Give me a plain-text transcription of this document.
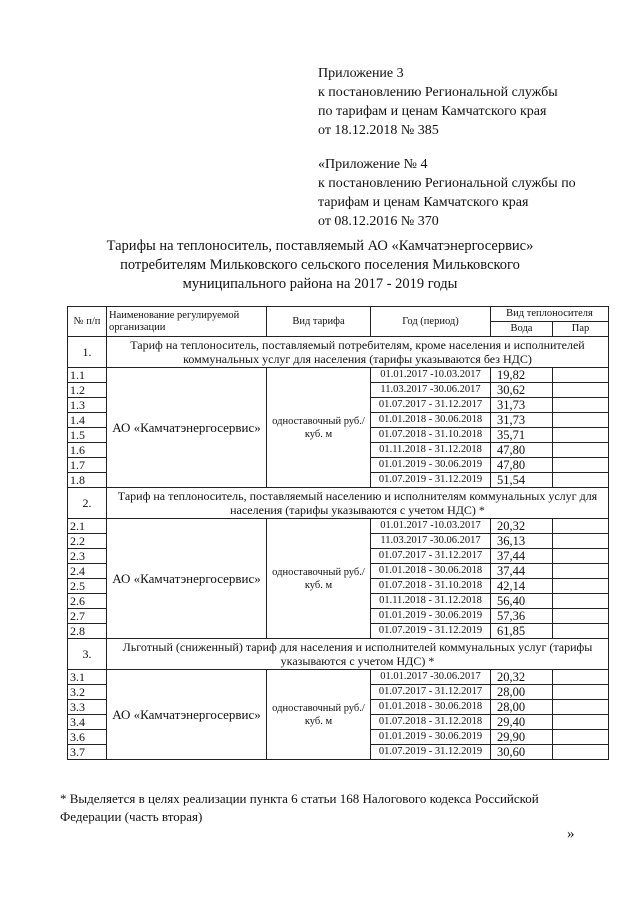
Приложение 3
к постановлению Региональной службы
по тарифам и ценам Камчатского края
от 18.12.2018 № 385
«Приложение № 4
к постановлению Региональной службы по
тарифам и ценам Камчатского края
от 08.12.2016 № 370
Тарифы на теплоноситель, поставляемый АО «Камчатэнергосервис»
потребителям Мильковского сельского поселения Мильковского
муниципального района на 2017 - 2019 годы
№ п/п	Наименование регулируемой организации	Вид тарифа	Год (период)	Вид теплоносителя	
				Вода	Пар
1.	Тариф на теплоноситель, поставляемый потребителям, кроме населения и исполнителей коммунальных услуг для населения (тарифы указываются без НДС)				
1.1	АО «Камчатэнергосервис»	одноставочный руб./куб. м	01.01.2017 -10.03.2017	19,82	
1.2			11.03.2017 -30.06.2017	30,62	
1.3			01.07.2017 - 31.12.2017	31,73	
1.4			01.01.2018 - 30.06.2018	31,73	
1.5			01.07.2018 - 31.10.2018	35,71	
1.6			01.11.2018 - 31.12.2018	47,80	
1.7			01.01.2019 - 30.06.2019	47,80	
1.8			01.07.2019 - 31.12.2019	51,54	
2.	Тариф на теплоноситель, поставляемый населению и исполнителям коммунальных услуг для населения (тарифы указываются с учетом НДС) *				
2.1	АО «Камчатэнергосервис»	одноставочный руб./куб. м	01.01.2017 -10.03.2017	20,32	
2.2			11.03.2017 -30.06.2017	36,13	
2.3			01.07.2017 - 31.12.2017	37,44	
2.4			01.01.2018 - 30.06.2018	37,44	
2.5			01.07.2018 - 31.10.2018	42,14	
2.6			01.11.2018 - 31.12.2018	56,40	
2.7			01.01.2019 - 30.06.2019	57,36	
2.8			01.07.2019 - 31.12.2019	61,85	
3.	Льготный (сниженный) тариф для населения и исполнителей коммунальных услуг (тарифы указываются с учетом НДС) *				
3.1	АО «Камчатэнергосервис»	одноставочный руб./куб. м	01.01.2017 -30.06.2017	20,32	
3.2			01.07.2017 - 31.12.2017	28,00	
3.3			01.01.2018 - 30.06.2018	28,00	
3.4			01.07.2018 - 31.12.2018	29,40	
3.6			01.01.2019 - 30.06.2019	29,90	
3.7			01.07.2019 - 31.12.2019	30,60	
* Выделяется в целях реализации пункта 6 статьи 168 Налогового кодекса Российской Федерации (часть вторая)
»
